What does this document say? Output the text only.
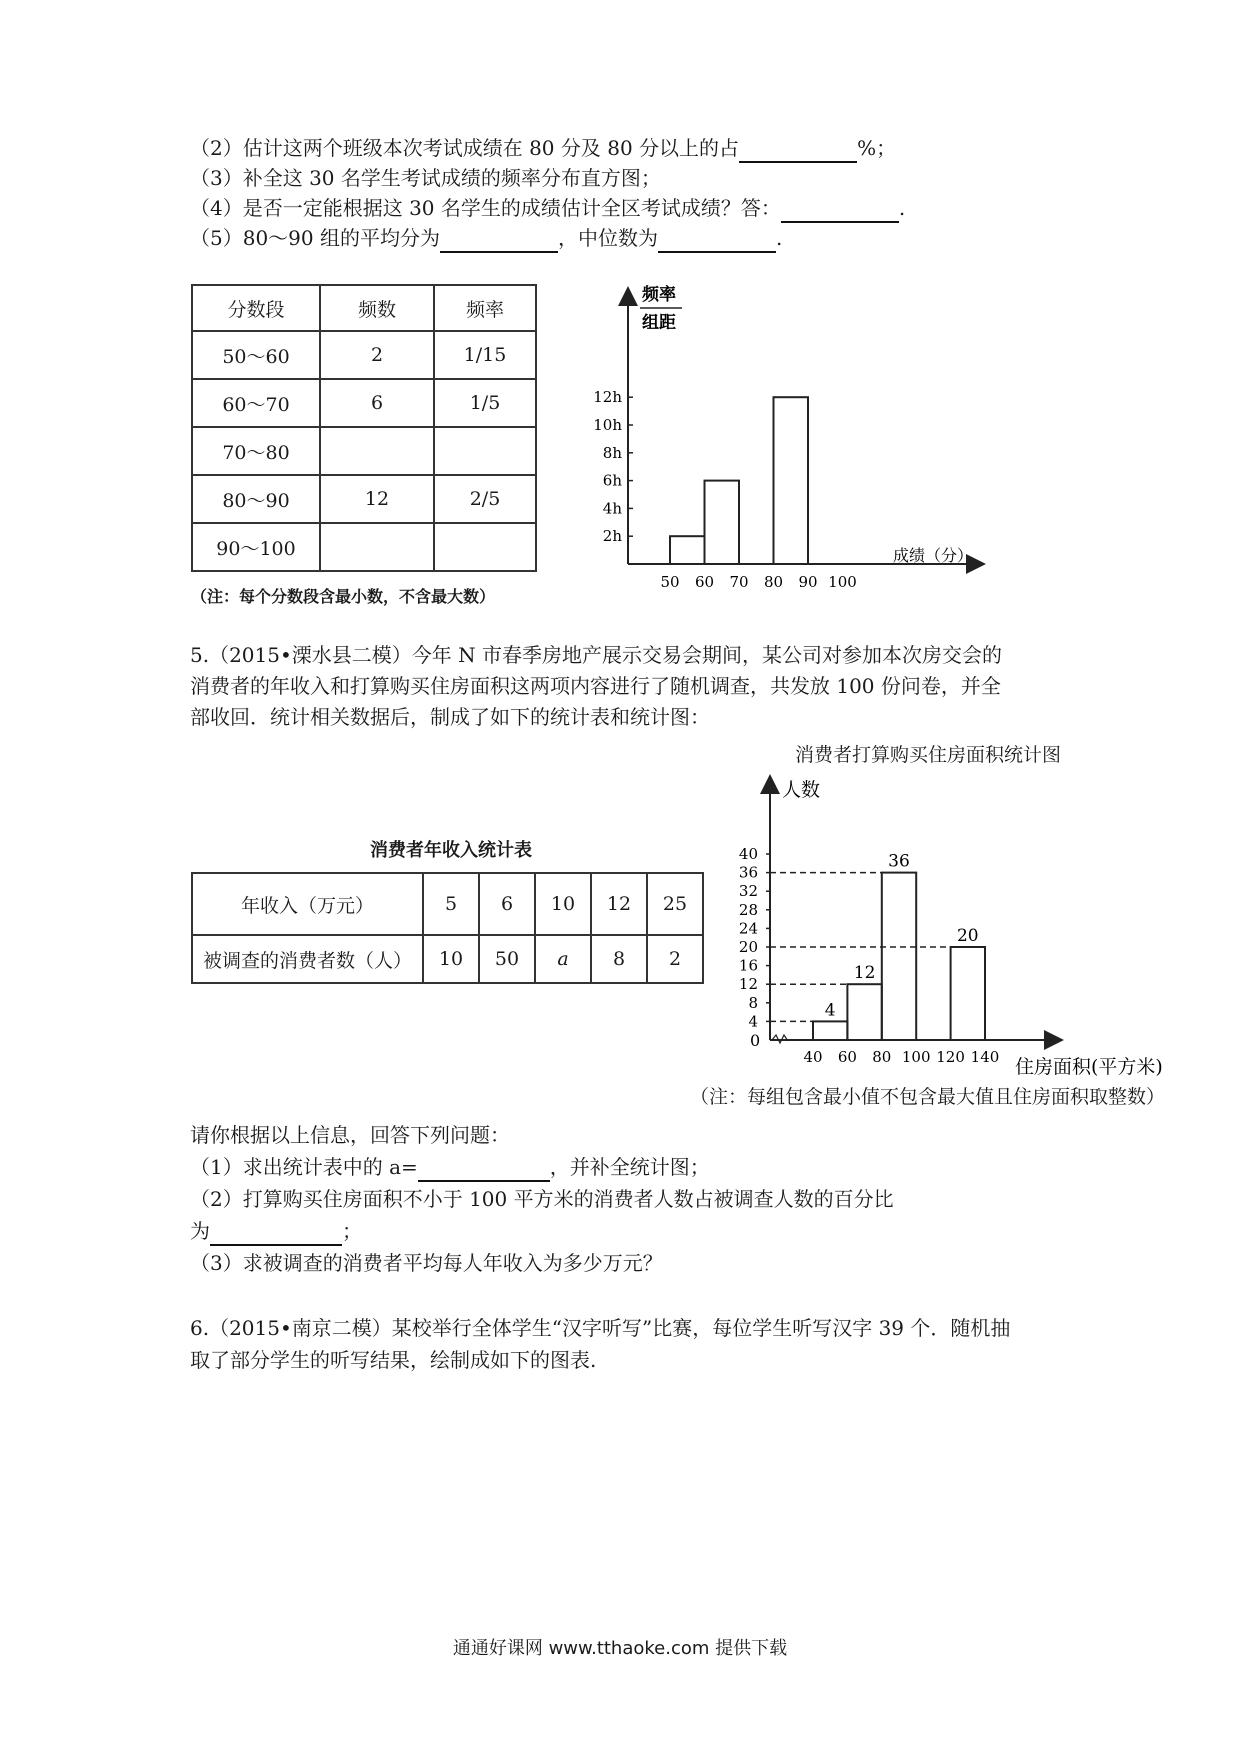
（2）估计这两个班级本次考试成绩在 80 分及 80 分以上的占	%；
（3）补全这 30 名学生考试成绩的频率分布直方图；
（4）是否一定能根据这 30 名学生的成绩估计全区考试成绩？答：	.
（5）80～90 组的平均分为	，中位数为	.
分数段	频数	频率
50～60	2	1/15
60～70	6	1/5
70～80		
80～90	12	2/5
90～100		
（注：每个分数段含最小数，不含最大数）
频率
组距
2h
4h
6h
8h
10h
12h
50 60 70 80 90 100
成绩（分）
5.（2015•溧水县二模）今年 N 市春季房地产展示交易会期间，某公司对参加本次房交会的
消费者的年收入和打算购买住房面积这两项内容进行了随机调查，共发放 100 份问卷，并全
部收回．统计相关数据后，制成了如下的统计表和统计图：
消费者年收入统计表
年收入（万元）	5	6	10	12	25
被调查的消费者数（人）	10	50	a	8	2
消费者打算购买住房面积统计图
人数
0
4
8
12
16
20
24
28
32
36
40
40 60 80 100 120 140
4
12
36
20
住房面积(平方米)
（注：每组包含最小值不包含最大值且住房面积取整数）
请你根据以上信息，回答下列问题：
（1）求出统计表中的 a=	，并补全统计图；
（2）打算购买住房面积不小于 100 平方米的消费者人数占被调查人数的百分比
为	；
（3）求被调查的消费者平均每人年收入为多少万元？
6.（2015•南京二模）某校举行全体学生“汉字听写”比赛，每位学生听写汉字 39 个．随机抽
取了部分学生的听写结果，绘制成如下的图表.
通通好课网 www.tthaoke.com 提供下载
